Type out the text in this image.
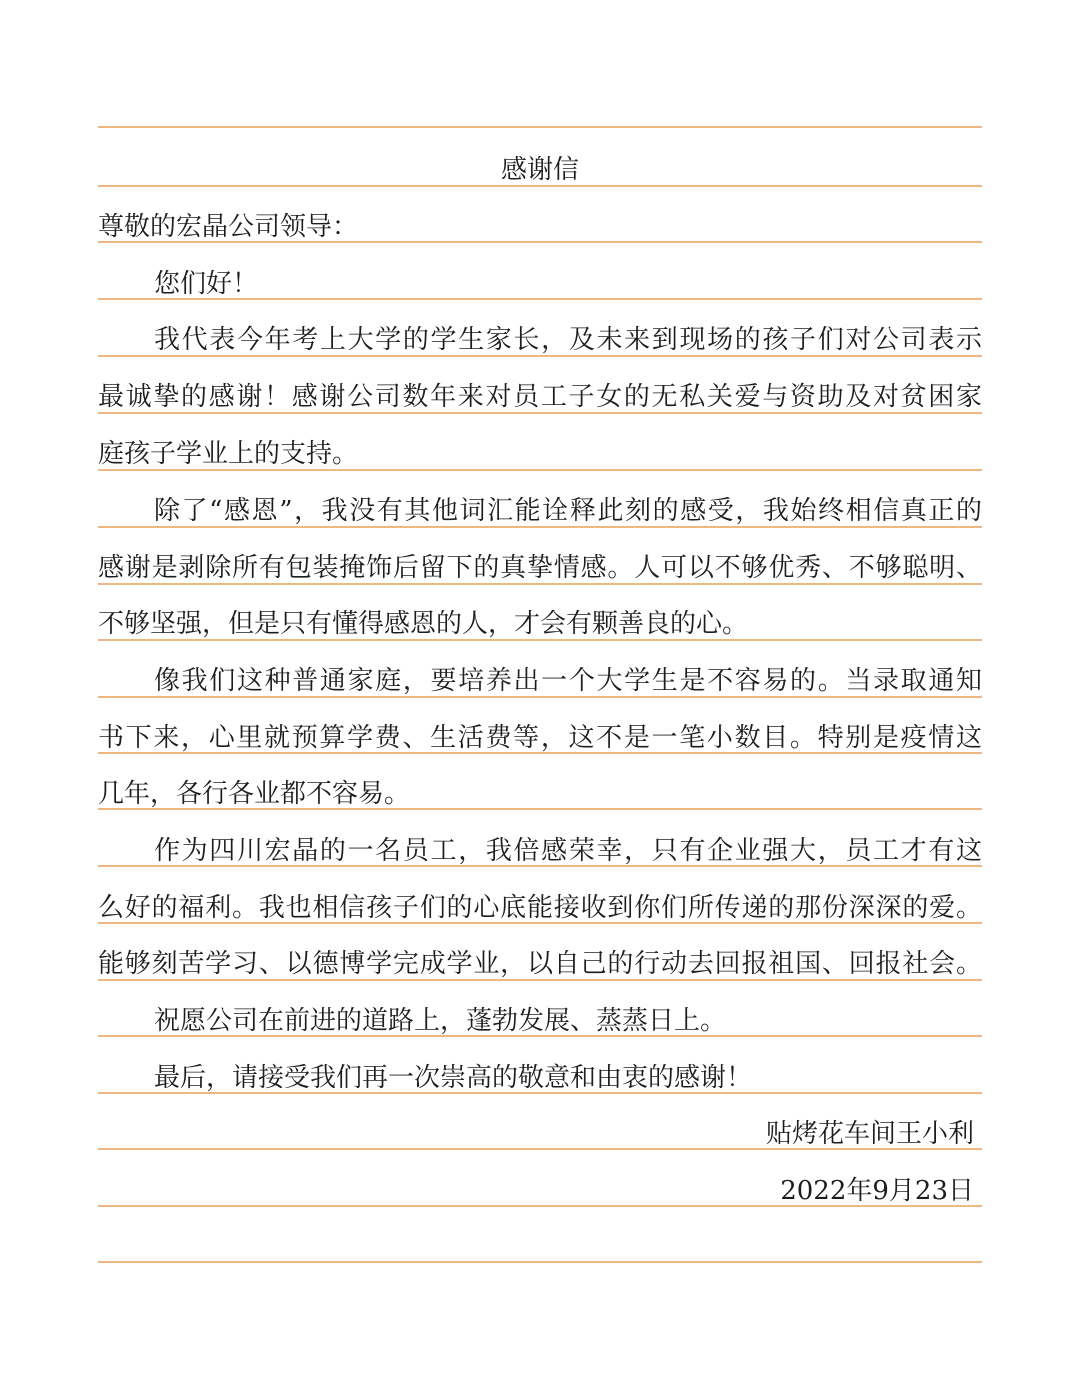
感谢信
尊敬的宏晶公司领导：
您们好！
我代表今年考上大学的学生家长，及未来到现场的孩子们对公司表示
最诚挚的感谢！感谢公司数年来对员工子女的无私关爱与资助及对贫困家
庭孩子学业上的支持。
除了“感恩”，我没有其他词汇能诠释此刻的感受，我始终相信真正的
感谢是剥除所有包装掩饰后留下的真挚情感。人可以不够优秀、不够聪明、
不够坚强，但是只有懂得感恩的人，才会有颗善良的心。
像我们这种普通家庭，要培养出一个大学生是不容易的。当录取通知
书下来，心里就预算学费、生活费等，这不是一笔小数目。特别是疫情这
几年，各行各业都不容易。
作为四川宏晶的一名员工，我倍感荣幸，只有企业强大，员工才有这
么好的福利。我也相信孩子们的心底能接收到你们所传递的那份深深的爱。
能够刻苦学习、以德博学完成学业，以自己的行动去回报祖国、回报社会。
祝愿公司在前进的道路上，蓬勃发展、蒸蒸日上。
最后，请接受我们再一次崇高的敬意和由衷的感谢！
贴烤花车间王小利
2022年9月23日
